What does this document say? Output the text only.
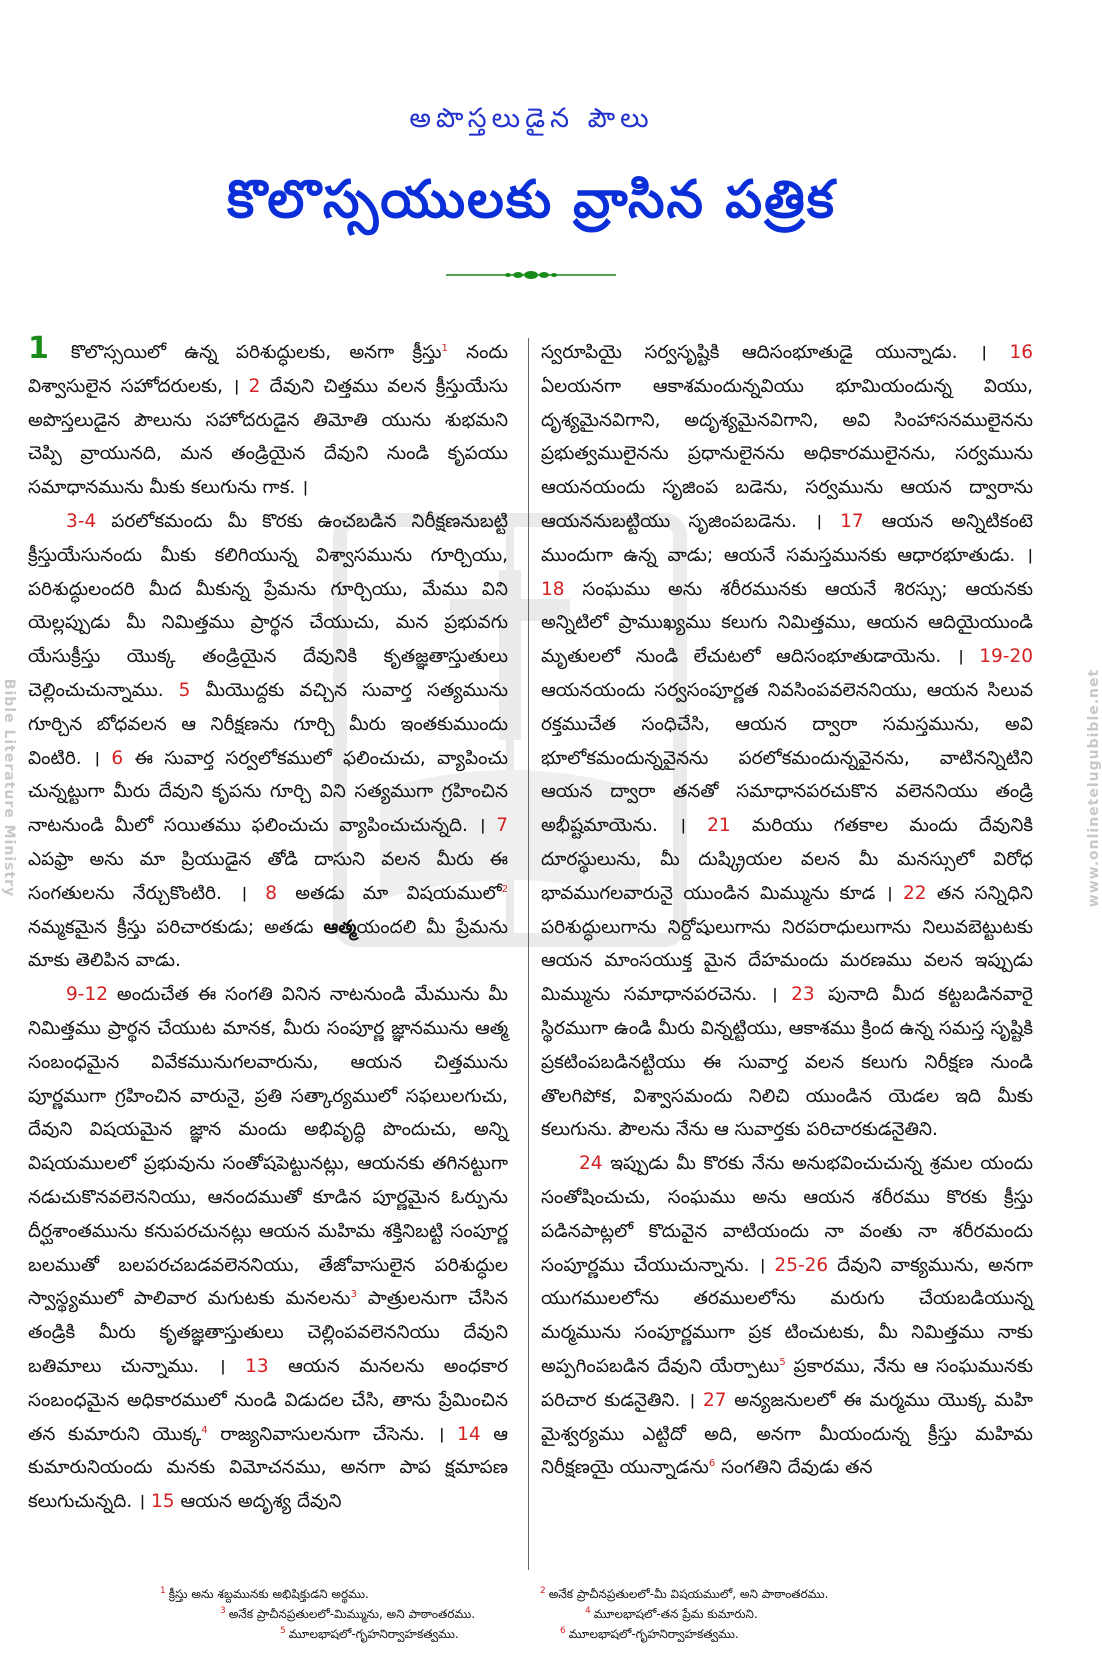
అపొస్తలుడైన పౌలు
కొలొస్సయులకు వ్రాసిన పత్రిక
Bible Literature Ministry	www.onlinetelugubible.net

1 కొలొస్సయిలో ఉన్న పరిశుద్ధులకు, అనగా క్రీస్తు$^1$ నందు విశ్వాసులైన సహోదరులకు, । 2 దేవుని చిత్తము వలన క్రీస్తుయేసు అపొస్తలుడైన పౌలును సహోదరుడైన తిమోతి యును శుభమని చెప్పి వ్రాయునది, మన తండ్రియైన దేవుని నుండి కృపయు సమాధానమును మీకు కలుగును గాక. ।

3-4 పరలోకమందు మీ కొరకు ఉంచబడిన నిరీక్షణనుబట్టి క్రీస్తుయేసునందు మీకు కలిగియున్న విశ్వాసమును గూర్చియు, పరిశుద్ధులందరి మీద మీకున్న ప్రేమను గూర్చియు, మేము విని యెల్లప్పుడు మీ నిమిత్తము ప్రార్థన చేయుచు, మన ప్రభువగు యేసుక్రీస్తు యొక్క తండ్రియైన దేవునికి కృతజ్ఞతాస్తుతులు చెల్లించుచున్నాము. 5 మీయొద్దకు వచ్చిన సువార్త సత్యమును గూర్చిన బోధవలన ఆ నిరీక్షణను గూర్చి మీరు ఇంతకుముందు వింటిరి. । 6 ఈ సువార్త సర్వలోకములో ఫలించుచు, వ్యాపించు చున్నట్టుగా మీరు దేవుని కృపను గూర్చి విని సత్యముగా గ్రహించిన నాటనుండి మీలో సయితము ఫలించుచు వ్యాపించుచున్నది. । 7 ఎపఫ్రా అను మా ప్రియుడైన తోడి దాసుని వలన మీరు ఈ సంగతులను నేర్చుకొంటిరి. । 8 అతడు మా విషయములో$^2$ నమ్మకమైన క్రీస్తు పరిచారకుడు; అతడు ఆత్మయందలి మీ ప్రేమను మాకు తెలిపిన వాడు.

9-12 అందుచేత ఈ సంగతి వినిన నాటనుండి మేమును మీ నిమిత్తము ప్రార్థన చేయుట మానక, మీరు సంపూర్ణ జ్ఞానమును ఆత్మ సంబంధమైన వివేకమునుగలవారును, ఆయన చిత్తమును పూర్ణముగా గ్రహించిన వారునై, ప్రతి సత్కార్యములో సఫలులగుచు, దేవుని విషయమైన జ్ఞాన మందు అభివృద్ధి పొందుచు, అన్ని విషయములలో ప్రభువును సంతోషపెట్టునట్లు, ఆయనకు తగినట్టుగా నడుచుకొనవలెననియు, ఆనందముతో కూడిన పూర్ణమైన ఓర్పును దీర్ఘశాంతమును కనుపరచునట్లు ఆయన మహిమ శక్తినిబట్టి సంపూర్ణ బలముతో బలపరచబడవలెననియు, తేజోవాసులైన పరిశుద్ధుల స్వాస్థ్యములో పాలివార మగుటకు మనలను$^3$ పాత్రులనుగా చేసిన తండ్రికి మీరు కృతజ్ఞతాస్తుతులు చెల్లింపవలెననియు దేవుని బతిమాలు చున్నాము. । 13 ఆయన మనలను అంధకార సంబంధమైన అధికారములో నుండి విడుదల చేసి, తాను ప్రేమించిన తన కుమారుని యొక్క$^4$ రాజ్యనివాసులనుగా చేసెను. । 14 ఆ కుమారునియందు మనకు విమోచనము, అనగా పాప క్షమాపణ కలుగుచున్నది. । 15 ఆయన అదృశ్య దేవుని

స్వరూపియై సర్వసృష్టికి ఆదిసంభూతుడై యున్నాడు. । 16 ఏలయనగా ఆకాశమందున్నవియు భూమియందున్న వియు, దృశ్యమైనవిగాని, అదృశ్యమైనవిగాని, అవి సింహాసనములైనను ప్రభుత్వములైనను ప్రధానులైనను అధికారములైనను, సర్వమును ఆయనయందు సృజింప బడెను, సర్వమును ఆయన ద్వారాను ఆయననుబట్టియు సృజింపబడెను. । 17 ఆయన అన్నిటికంటె ముందుగా ఉన్న వాడు; ఆయనే సమస్తమునకు ఆధారభూతుడు. । 18 సంఘము అను శరీరమునకు ఆయనే శిరస్సు; ఆయనకు అన్నిటిలో ప్రాముఖ్యము కలుగు నిమిత్తము, ఆయన ఆదియైయుండి మృతులలో నుండి లేచుటలో ఆదిసంభూతుడాయెను. । 19-20 ఆయనయందు సర్వసంపూర్ణత నివసింపవలెననియు, ఆయన సిలువ రక్తముచేత సంధిచేసి, ఆయన ద్వారా సమస్తమును, అవి భూలోకమందున్నవైనను పరలోకమందున్నవైనను, వాటినన్నిటిని ఆయన ద్వారా తనతో సమాధానపరచుకొన వలెననియు తండ్రి అభీష్టమాయెను. । 21 మరియు గతకాల మందు దేవునికి దూరస్థులును, మీ దుష్క్రియల వలన మీ మనస్సులో విరోధ భావముగలవారునై యుండిన మిమ్మును కూడ । 22 తన సన్నిధిని పరిశుద్ధులుగాను నిర్దోషులుగాను నిరపరాధులుగాను నిలువబెట్టుటకు ఆయన మాంసయుక్త మైన దేహమందు మరణము వలన ఇప్పుడు మిమ్మును సమాధానపరచెను. । 23 పునాది మీద కట్టబడినవారై స్థిరముగా ఉండి మీరు విన్నట్టియు, ఆకాశము క్రింద ఉన్న సమస్త సృష్టికి ప్రకటింపబడినట్టియు ఈ సువార్త వలన కలుగు నిరీక్షణ నుండి తొలగిపోక, విశ్వాసమందు నిలిచి యుండిన యెడల ఇది మీకు కలుగును. పౌలను నేను ఆ సువార్తకు పరిచారకుడనైతిని.

24 ఇప్పుడు మీ కొరకు నేను అనుభవించుచున్న శ్రమల యందు సంతోషించుచు, సంఘము అను ఆయన శరీరము కొరకు క్రీస్తు పడినపాట్లలో కొదువైన వాటియందు నా వంతు నా శరీరమందు సంపూర్ణము చేయుచున్నాను. । 25-26 దేవుని వాక్యమును, అనగా యుగములలోను తరములలోను మరుగు చేయబడియున్న మర్మమును సంపూర్ణముగా ప్రక టించుటకు, మీ నిమిత్తము నాకు అప్పగింపబడిన దేవుని యేర్పాటు$^5$ ప్రకారము, నేను ఆ సంఘమునకు పరిచార కుడనైతిని. । 27 అన్యజనులలో ఈ మర్మము యొక్క మహి మైశ్వర్యము ఎట్టిదో అది, అనగా మీయందున్న క్రీస్తు మహిమ నిరీక్షణయై యున్నాడను$^6$ సంగతిని దేవుడు తన

$^1$ క్రీస్తు అను శబ్దమునకు అభిషిక్తుడని అర్థము.	$^2$ అనేక ప్రాచీనప్రతులలో-మీ విషయములో, అని పాఠాంతరము.
$^3$ అనేక ప్రాచీనప్రతులలో-మిమ్మును, అని పాఠాంతరము.	$^4$ మూలభాషలో-తన ప్రేమ కుమారుని.
$^5$ మూలభాషలో-గృహనిర్వాహకత్వము.	$^6$ మూలభాషలో-గృహనిర్వాహకత్వము.
